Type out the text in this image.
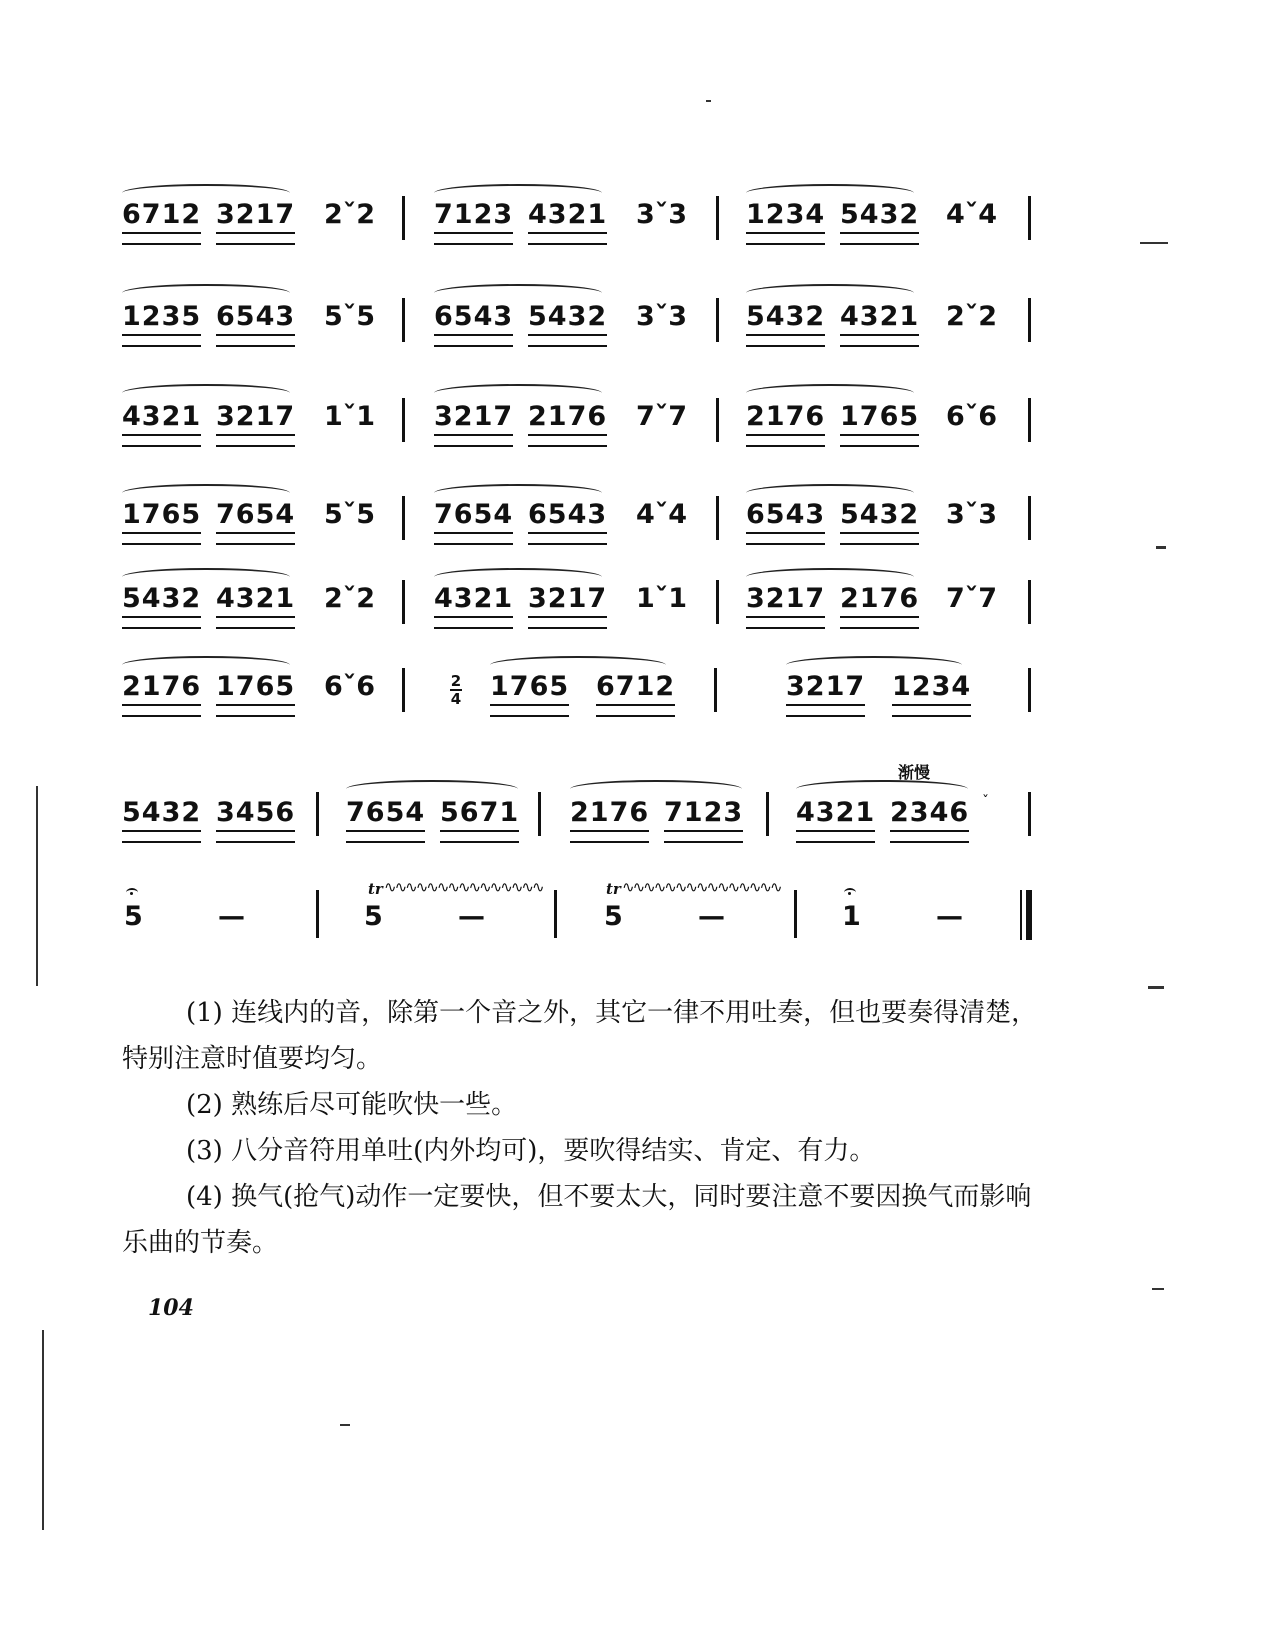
6712 3217 2ˇ2 7123 4321 3ˇ3 1234 5432 4ˇ4
1235 6543 5ˇ5 6543 5432 3ˇ3 5432 4321 2ˇ2
4321 3217 1ˇ1 3217 2176 7ˇ7 2176 1765 6ˇ6
1765 7654 5ˇ5 7654 6543 4ˇ4 6543 5432 3ˇ3
5432 4321 2ˇ2 4321 3217 1ˇ1 3217 2176 7ˇ7
2176 1765 6ˇ6	2
4 1765 6712	3217 1234
5432 3456 7654 5671 2176 7123
渐慢
4321 2346 ˇ
5	—
tr ∿∿∿∿∿∿∿∿∿∿∿∿∿∿∿
5	—
tr ∿∿∿∿∿∿∿∿∿∿∿∿∿∿∿
5	—	1	—

(1) 连线内的音，除第一个音之外，其它一律不用吐奏，但也要奏得清楚，特别注意时值要均匀。

(2) 熟练后尽可能吹快一些。

(3) 八分音符用单吐(内外均可)，要吹得结实、肯定、有力。

(4) 换气(抢气)动作一定要快，但不要太大，同时要注意不要因换气而影响乐曲的节奏。

104
